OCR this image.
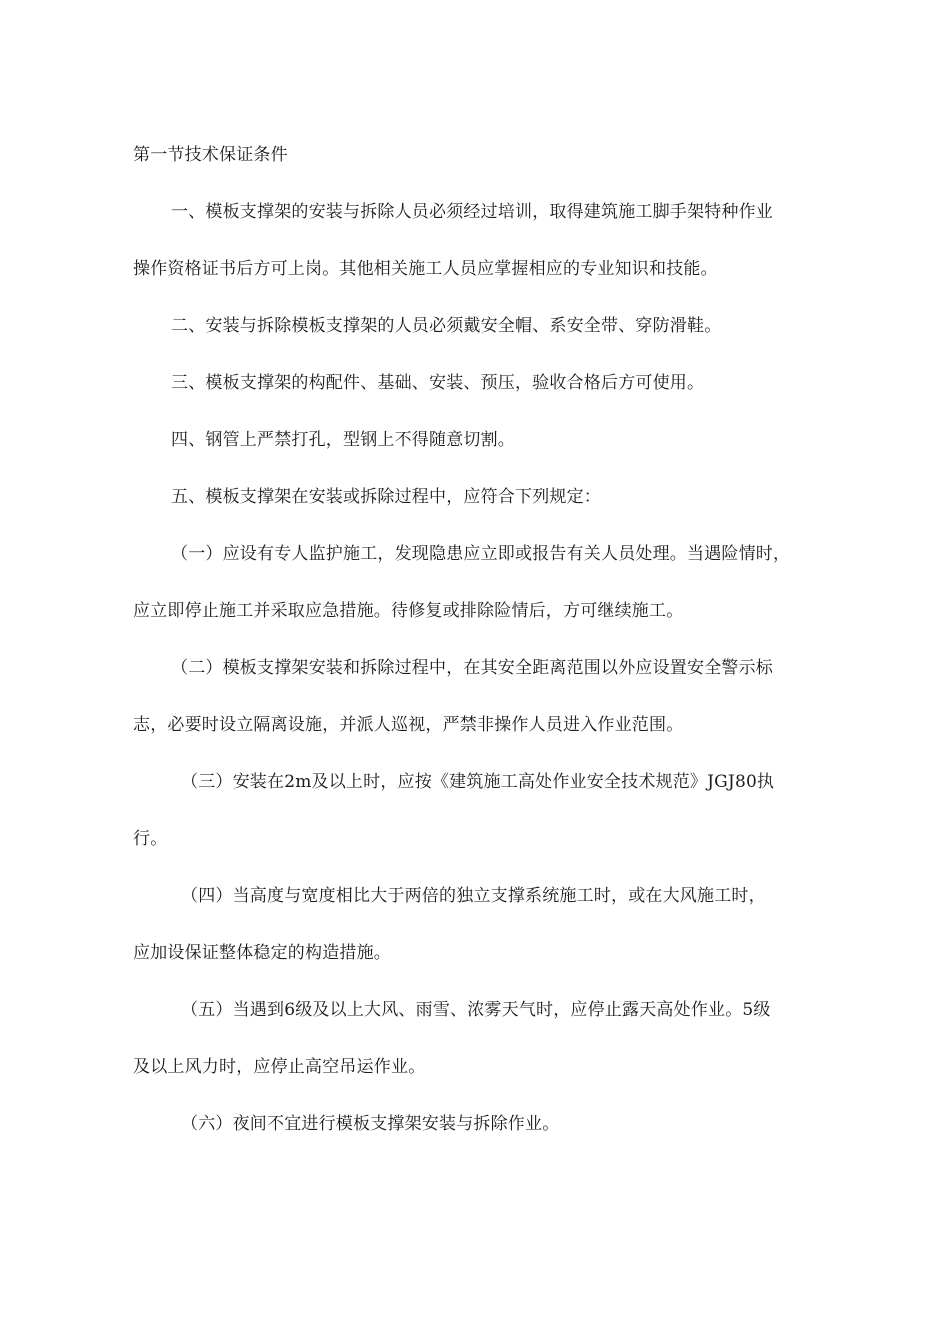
第一节技术保证条件
一、模板支撑架的安装与拆除人员必须经过培训，取得建筑施工脚手架特种作业
操作资格证书后方可上岗。其他相关施工人员应掌握相应的专业知识和技能。
二、安装与拆除模板支撑架的人员必须戴安全帽、系安全带、穿防滑鞋。
三、模板支撑架的构配件、基础、安装、预压，验收合格后方可使用。
四、钢管上严禁打孔，型钢上不得随意切割。
五、模板支撑架在安装或拆除过程中，应符合下列规定：
（一）应设有专人监护施工，发现隐患应立即或报告有关人员处理。当遇险情时，
应立即停止施工并采取应急措施。待修复或排除险情后，方可继续施工。
（二）模板支撑架安装和拆除过程中，在其安全距离范围以外应设置安全警示标
志，必要时设立隔离设施，并派人巡视，严禁非操作人员进入作业范围。
（三）安装在2m及以上时，应按《建筑施工高处作业安全技术规范》JGJ80执
行。
（四）当高度与宽度相比大于两倍的独立支撑系统施工时，或在大风施工时，
应加设保证整体稳定的构造措施。
（五）当遇到6级及以上大风、雨雪、浓雾天气时，应停止露天高处作业。5级
及以上风力时，应停止高空吊运作业。
（六）夜间不宜进行模板支撑架安装与拆除作业。
